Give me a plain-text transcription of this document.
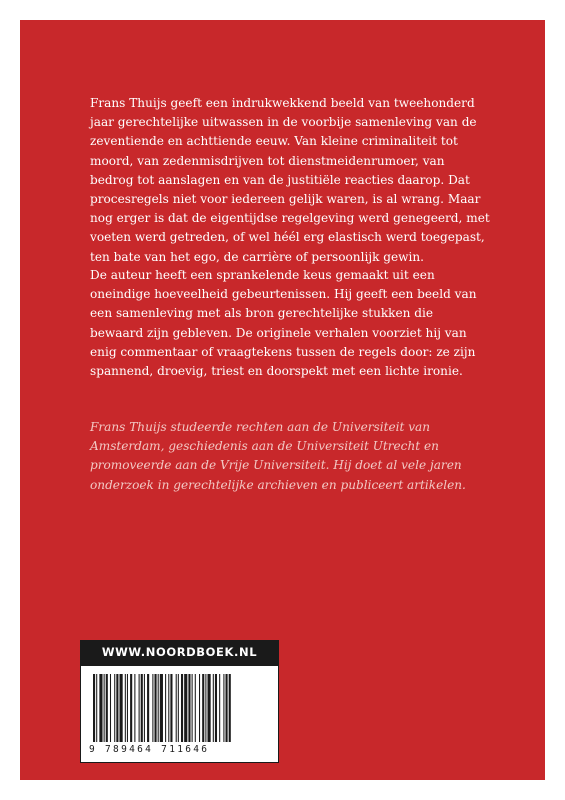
Frans Thuijs geeft een indrukwekkend beeld van tweehonderd jaar gerechtelijke uitwassen in de voorbije samenleving van de zeventiende en achttiende eeuw. Van kleine criminaliteit tot moord, van zedenmisdrijven tot dienstmeidenrumoer, van bedrog tot aanslagen en van de justitiële reacties daarop. Dat procesregels niet voor iedereen gelijk waren, is al wrang. Maar nog erger is dat de eigentijdse regelgeving werd genegeerd, met voeten werd getreden, of wel héél erg elastisch werd toegepast, ten bate van het ego, de carrière of persoonlijk gewin.

De auteur heeft een sprankelende keus gemaakt uit een oneindige hoeveelheid gebeurtenissen. Hij geeft een beeld van een samenleving met als bron gerechtelijke stukken die bewaard zijn gebleven. De originele verhalen voorziet hij van enig commentaar of vraagtekens tussen de regels door: ze zijn spannend, droevig, triest en doorspekt met een lichte ironie.

Frans Thuijs studeerde rechten aan de Universiteit van Amsterdam, geschiedenis aan de Universiteit Utrecht en promoveerde aan de Vrije Universiteit. Hij doet al vele jaren onderzoek in gerechtelijke archieven en publiceert artikelen.

WWW.NOORDBOEK.NL
9 789464 711646
